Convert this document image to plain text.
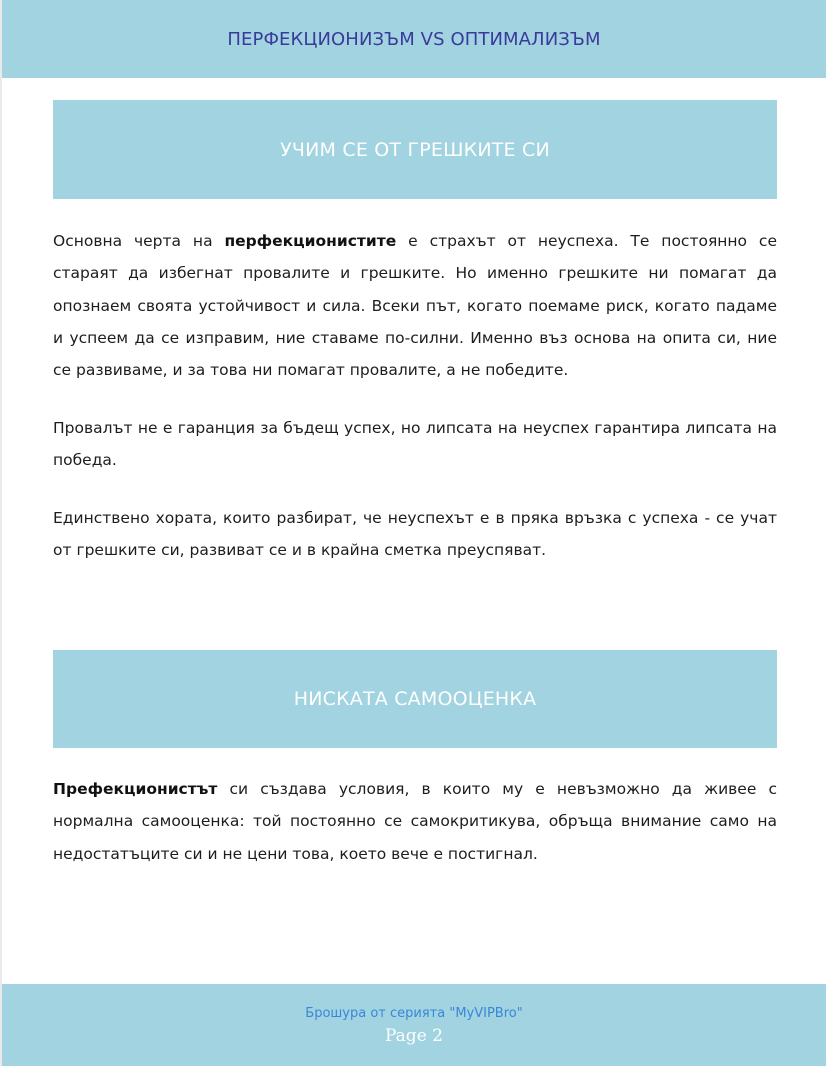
ПЕРФЕКЦИОНИЗЪМ VS ОПТИМАЛИЗЪМ
УЧИМ СЕ ОТ ГРЕШКИТЕ СИ

Основна черта на перфекционистите е страхът от неуспеха. Те постоянно се стараят да избегнат провалите и грешките. Но именно грешките ни помагат да опознаем своята устойчивост и сила. Всеки път, когато поемаме риск, когато падаме и успеем да се изправим, ние ставаме по-силни. Именно въз основа на опита си, ние се развиваме, и за това ни помагат провалите, а не победите.

Провалът не е гаранция за бъдещ успех, но липсата на неуспех гарантира липсата на победа.

Единствено хората, които разбират, че неуспехът е в пряка връзка с успеха - се учат от грешките си, развиват се и в крайна сметка преуспяват.

НИСКАТА САМООЦЕНКА

Префекционистът си създава условия, в които му е невъзможно да живее с нормална самооценка: той постоянно се самокритикува, обръща внимание само на недостатъците си и не цени това, което вече е постигнал.

Брошура от серията "MyVIPBro"
Page 2
